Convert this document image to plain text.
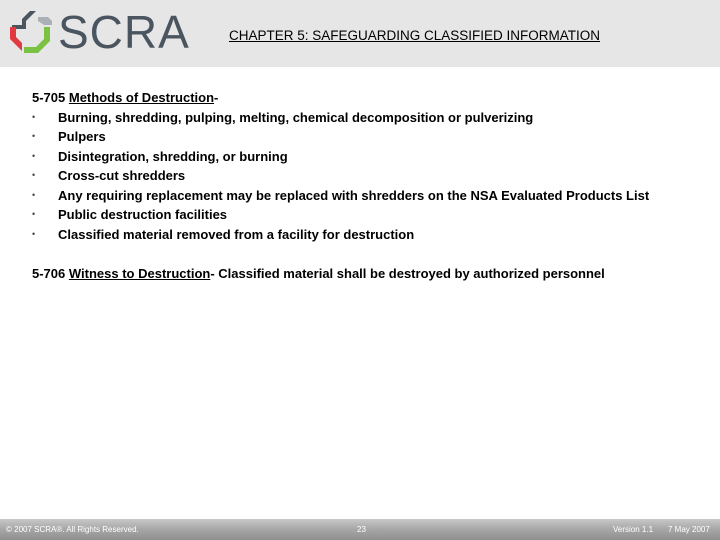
SCRA	CHAPTER 5: SAFEGUARDING CLASSIFIED INFORMATION
5-705 Methods of Destruction-
• Burning, shredding, pulping, melting, chemical decomposition or pulverizing
• Pulpers
• Disintegration, shredding, or burning
• Cross-cut shredders
• Any requiring replacement may be replaced with shredders on the NSA Evaluated Products List
• Public destruction facilities
• Classified material removed from a facility for destruction
5-706 Witness to Destruction- Classified material shall be destroyed by authorized personnel
© 2007 SCRA®. All Rights Reserved.	23	Version 1.1 7 May 2007
